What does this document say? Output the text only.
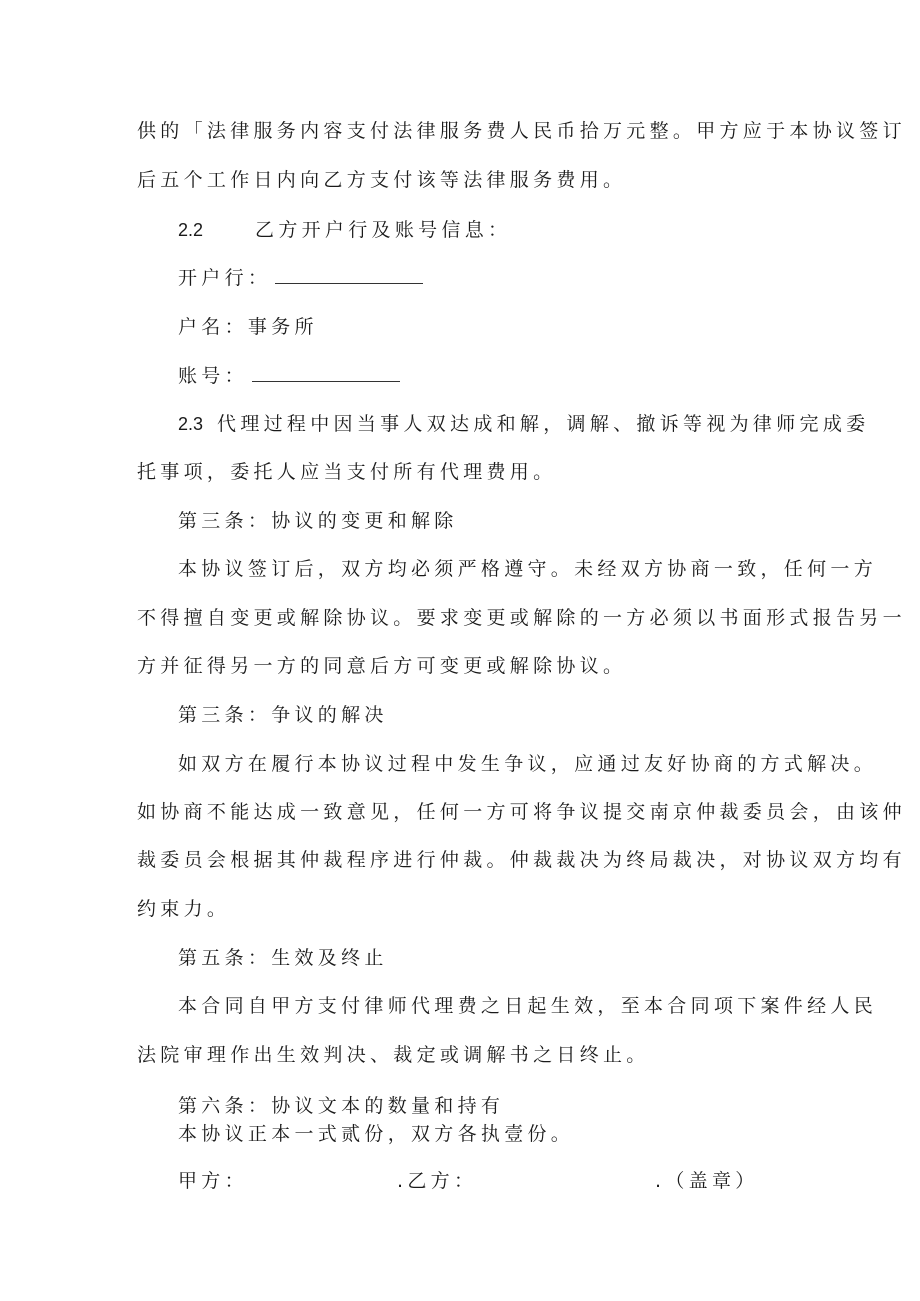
供的「法律服务内容支付法律服务费人民币拾万元整。甲方应于本协议签订
后五个工作日内向乙方支付该等法律服务费用。
2.2	乙方开户行及账号信息：
开户行：
户名：事务所
账号：
2.3 代理过程中因当事人双达成和解，调解、撤诉等视为律师完成委
托事项，委托人应当支付所有代理费用。
第三条：协议的变更和解除
本协议签订后，双方均必须严格遵守。未经双方协商一致，任何一方
不得擅自变更或解除协议。要求变更或解除的一方必须以书面形式报告另一
方并征得另一方的同意后方可变更或解除协议。
第三条：争议的解决
如双方在履行本协议过程中发生争议，应通过友好协商的方式解决。
如协商不能达成一致意见，任何一方可将争议提交南京仲裁委员会，由该仲
裁委员会根据其仲裁程序进行仲裁。仲裁裁决为终局裁决，对协议双方均有
约束力。
第五条：生效及终止
本合同自甲方支付律师代理费之日起生效，至本合同项下案件经人民
法院审理作出生效判决、裁定或调解书之日终止。
第六条：协议文本的数量和持有
本协议正本一式贰份，双方各执壹份。
甲方：	.乙方：	.（盖章）
